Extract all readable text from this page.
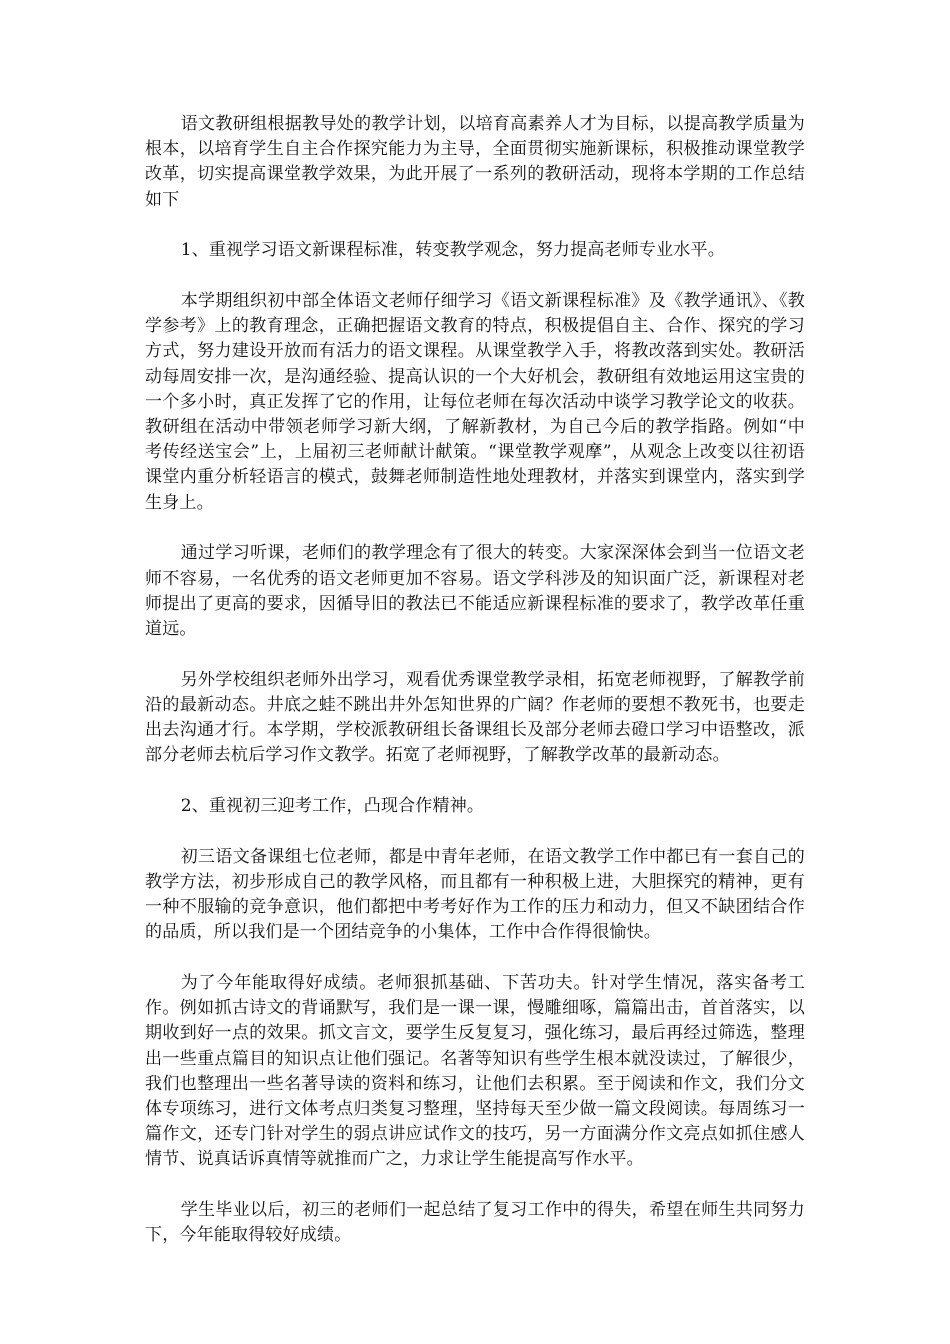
语文教研组根据教导处的教学计划，以培育高素养人才为目标，以提高教学质量为根本，以培育学生自主合作探究能力为主导，全面贯彻实施新课标，积极推动课堂教学改革，切实提高课堂教学效果，为此开展了一系列的教研活动，现将本学期的工作总结如下

1、重视学习语文新课程标准，转变教学观念，努力提高老师专业水平。

本学期组织初中部全体语文老师仔细学习《语文新课程标准》及《教学通讯》、《教学参考》上的教育理念，正确把握语文教育的特点，积极提倡自主、合作、探究的学习方式，努力建设开放而有活力的语文课程。从课堂教学入手，将教改落到实处。教研活动每周安排一次，是沟通经验、提高认识的一个大好机会，教研组有效地运用这宝贵的一个多小时，真正发挥了它的作用，让每位老师在每次活动中谈学习教学论文的收获。教研组在活动中带领老师学习新大纲，了解新教材，为自己今后的教学指路。例如“中考传经送宝会”上，上届初三老师献计献策。“课堂教学观摩”，从观念上改变以往初语课堂内重分析轻语言的模式，鼓舞老师制造性地处理教材，并落实到课堂内，落实到学生身上。

通过学习听课，老师们的教学理念有了很大的转变。大家深深体会到当一位语文老师不容易，一名优秀的语文老师更加不容易。语文学科涉及的知识面广泛，新课程对老师提出了更高的要求，因循导旧的教法已不能适应新课程标准的要求了，教学改革任重道远。

另外学校组织老师外出学习，观看优秀课堂教学录相，拓宽老师视野，了解教学前沿的最新动态。井底之蛙不跳出井外怎知世界的广阔？作老师的要想不教死书，也要走出去沟通才行。本学期，学校派教研组长备课组长及部分老师去磴口学习中语整改，派部分老师去杭后学习作文教学。拓宽了老师视野，了解教学改革的最新动态。

2、重视初三迎考工作，凸现合作精神。

初三语文备课组七位老师，都是中青年老师，在语文教学工作中都已有一套自己的教学方法，初步形成自己的教学风格，而且都有一种积极上进，大胆探究的精神，更有一种不服输的竞争意识，他们都把中考考好作为工作的压力和动力，但又不缺团结合作的品质，所以我们是一个团结竞争的小集体，工作中合作得很愉快。

为了今年能取得好成绩。老师狠抓基础、下苦功夫。针对学生情况，落实备考工作。例如抓古诗文的背诵默写，我们是一课一课，慢雕细啄，篇篇出击，首首落实，以期收到好一点的效果。抓文言文，要学生反复复习，强化练习，最后再经过筛选，整理出一些重点篇目的知识点让他们强记。名著等知识有些学生根本就没读过，了解很少，我们也整理出一些名著导读的资料和练习，让他们去积累。至于阅读和作文，我们分文体专项练习，进行文体考点归类复习整理，坚持每天至少做一篇文段阅读。每周练习一篇作文，还专门针对学生的弱点讲应试作文的技巧，另一方面满分作文亮点如抓住感人情节、说真话诉真情等就推而广之，力求让学生能提高写作水平。

学生毕业以后，初三的老师们一起总结了复习工作中的得失，希望在师生共同努力下，今年能取得较好成绩。
